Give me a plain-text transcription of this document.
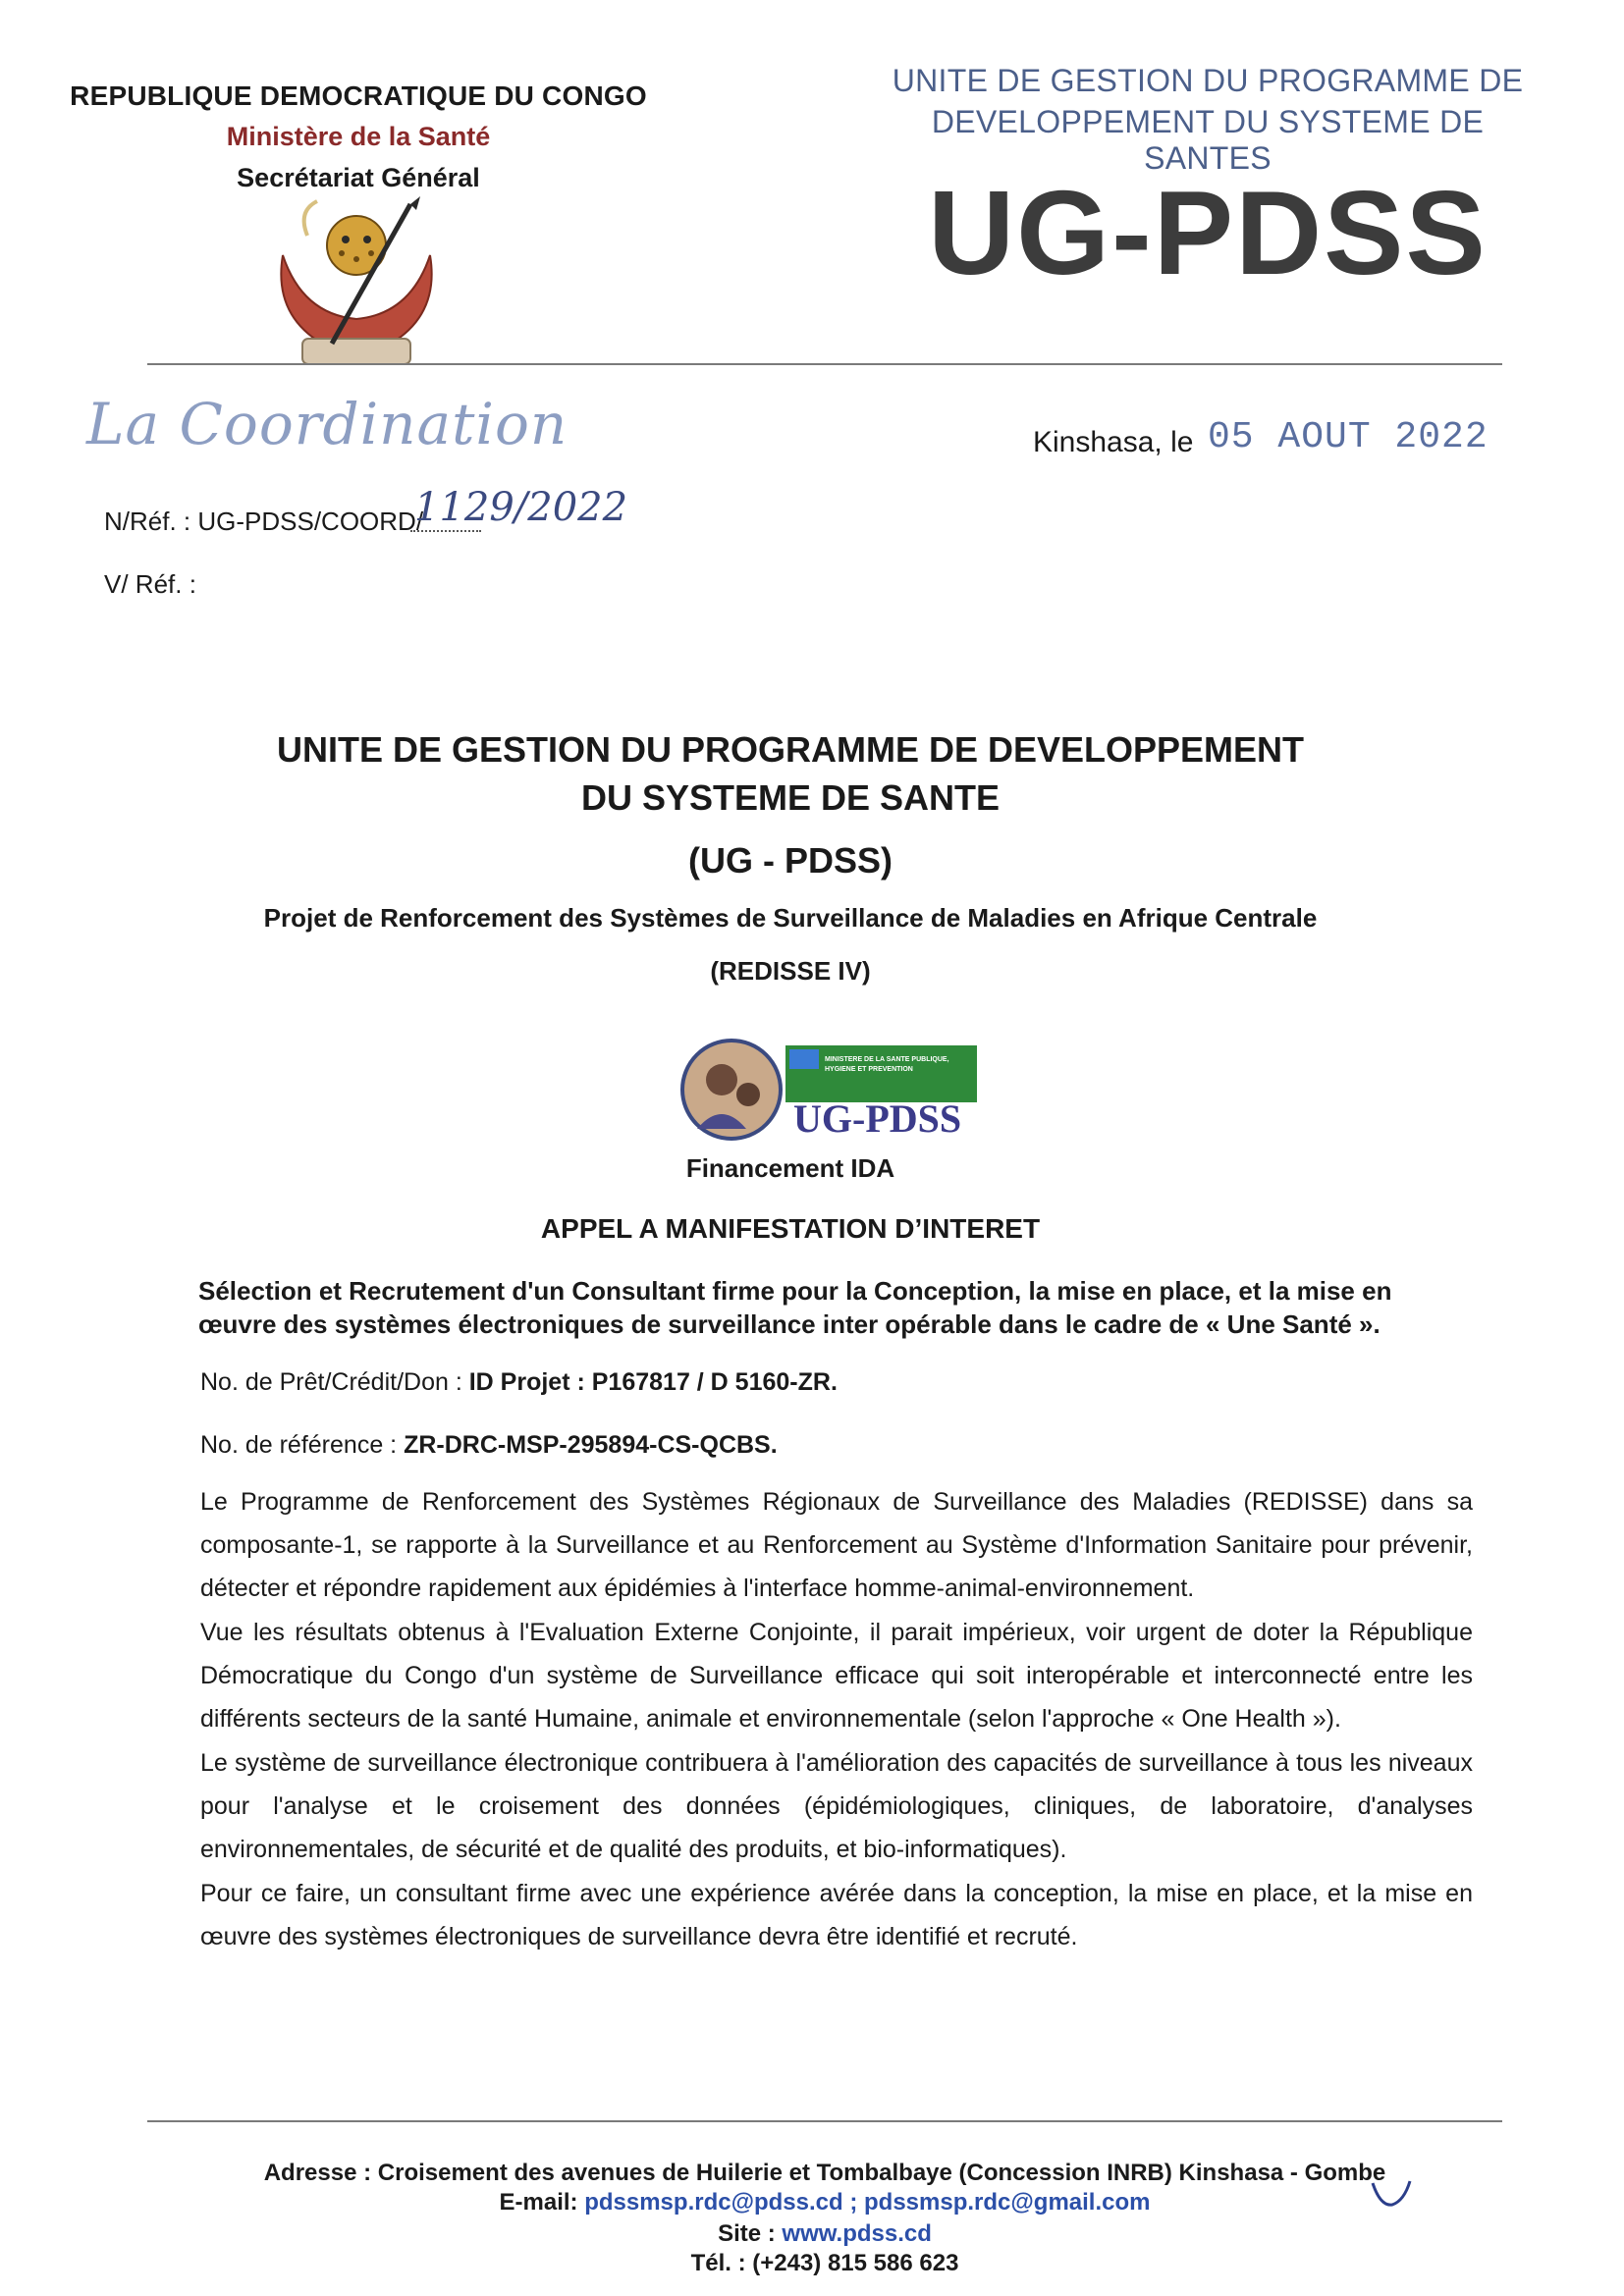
REPUBLIQUE DEMOCRATIQUE DU CONGO
Ministère de la Santé
Secrétariat Général
UNITE DE GESTION DU PROGRAMME DE
DEVELOPPEMENT DU SYSTEME DE SANTES
UG-PDSS
La Coordination	Kinshasa, le 05 AOUT 2022
N/Réf. : UG-PDSS/COORD/
1129/2022
V/ Réf. :
UNITE DE GESTION DU PROGRAMME DE DEVELOPPEMENT
DU SYSTEME DE SANTE
(UG - PDSS)
Projet de Renforcement des Systèmes de Surveillance de Maladies en Afrique Centrale
(REDISSE IV)
MINISTERE DE LA SANTE PUBLIQUE,
HYGIENE ET PREVENTION
UG-PDSS
Financement IDA
APPEL A MANIFESTATION D’INTERET
Sélection et Recrutement d'un Consultant firme pour la Conception, la mise en place, et la mise en œuvre des systèmes électroniques de surveillance inter opérable dans le cadre de « Une Santé ».
No. de Prêt/Crédit/Don : ID Projet : P167817 / D 5160-ZR.
No. de référence : ZR-DRC-MSP-295894-CS-QCBS.
Le Programme de Renforcement des Systèmes Régionaux de Surveillance des Maladies (REDISSE) dans sa composante-1, se rapporte à la Surveillance et au Renforcement au Système d'Information Sanitaire pour prévenir, détecter et répondre rapidement aux épidémies à l'interface homme-animal-environnement.
Vue les résultats obtenus à l'Evaluation Externe Conjointe, il parait impérieux, voir urgent de doter la République Démocratique du Congo d'un système de Surveillance efficace qui soit interopérable et interconnecté entre les différents secteurs de la santé Humaine, animale et environnementale (selon l'approche « One Health »).
Le système de surveillance électronique contribuera à l'amélioration des capacités de surveillance à tous les niveaux pour l'analyse et le croisement des données (épidémiologiques, cliniques, de laboratoire, d'analyses environnementales, de sécurité et de qualité des produits, et bio-informatiques).
Pour ce faire, un consultant firme avec une expérience avérée dans la conception, la mise en place, et la mise en œuvre des systèmes électroniques de surveillance devra être identifié et recruté.
Adresse : Croisement des avenues de Huilerie et Tombalbaye (Concession INRB) Kinshasa - Gombe
E-mail: pdssmsp.rdc@pdss.cd ; pdssmsp.rdc@gmail.com
Site : www.pdss.cd
Tél. : (+243) 815 586 623
